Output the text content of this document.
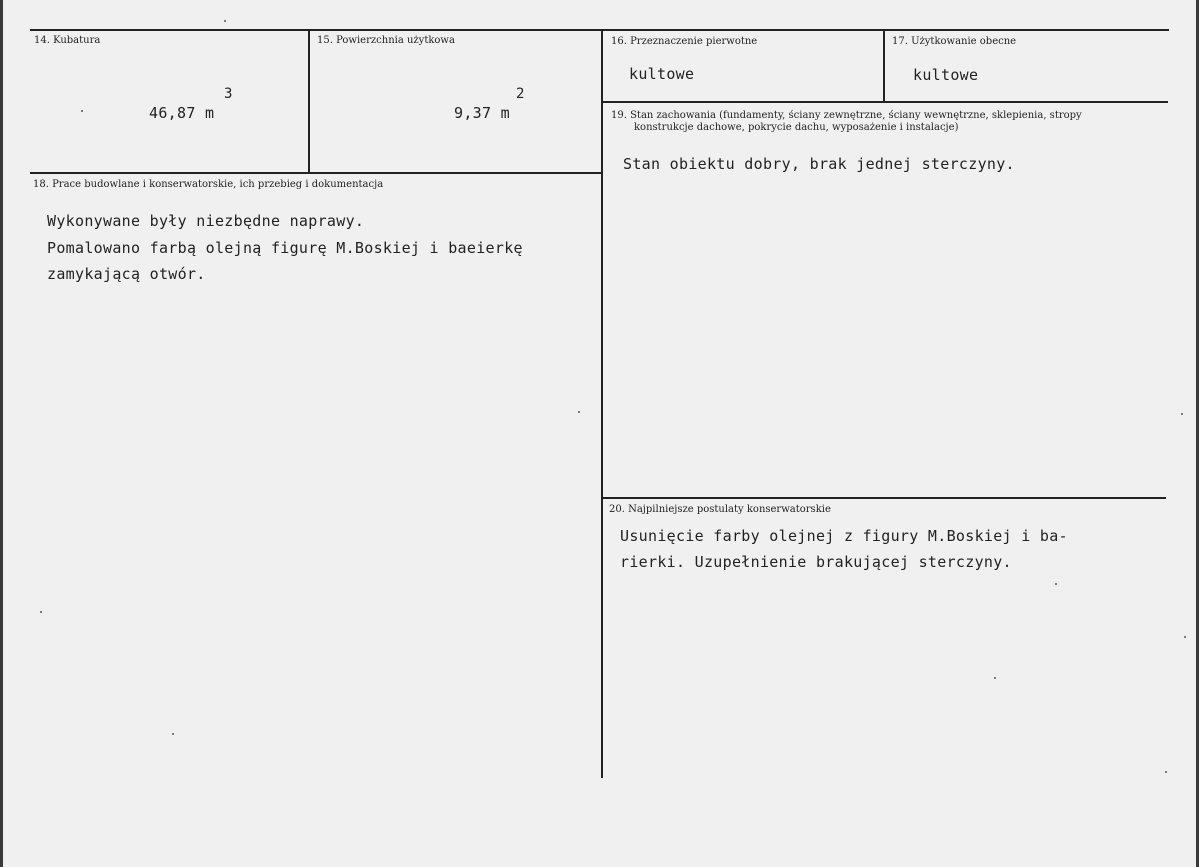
14. Kubatura
46,87 m
3
15. Powierzchnia użytkowa
9,37 m
2
16. Przeznaczenie pierwotne
kultowe
17. Użytkowanie obecne
kultowe
18. Prace budowlane i konserwatorskie, ich przebieg i dokumentacja
Wykonywane były niezbędne naprawy.
Pomalowano farbą olejną figurę M.Boskiej i baeierkę
zamykającą otwór.
19. Stan zachowania (fundamenty, ściany zewnętrzne, ściany wewnętrzne, sklepienia, stropy
konstrukcje dachowe, pokrycie dachu, wyposażenie i instalacje)
Stan obiektu dobry, brak jednej sterczyny.
20. Najpilniejsze postulaty konserwatorskie
Usunięcie farby olejnej z figury M.Boskiej i ba-
rierki. Uzupełnienie brakującej sterczyny.
